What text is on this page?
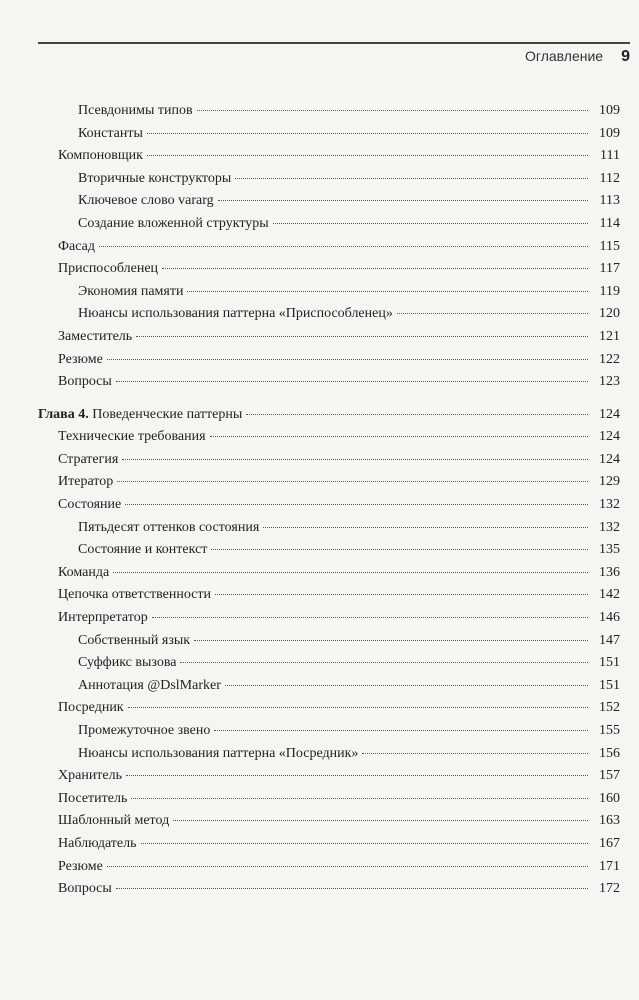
Оглавление 9
Псевдонимы типов	109
Константы	109
Компоновщик	111
Вторичные конструкторы	112
Ключевое слово vararg	113
Создание вложенной структуры	114
Фасад	115
Приспособленец	117
Экономия памяти	119
Нюансы использования паттерна «Приспособленец»	120
Заместитель	121
Резюме	122
Вопросы	123
Глава 4. Поведенческие паттерны	124
Технические требования	124
Стратегия	124
Итератор	129
Состояние	132
Пятьдесят оттенков состояния	132
Состояние и контекст	135
Команда	136
Цепочка ответственности	142
Интерпретатор	146
Собственный язык	147
Суффикс вызова	151
Аннотация @DslMarker	151
Посредник	152
Промежуточное звено	155
Нюансы использования паттерна «Посредник»	156
Хранитель	157
Посетитель	160
Шаблонный метод	163
Наблюдатель	167
Резюме	171
Вопросы	172
